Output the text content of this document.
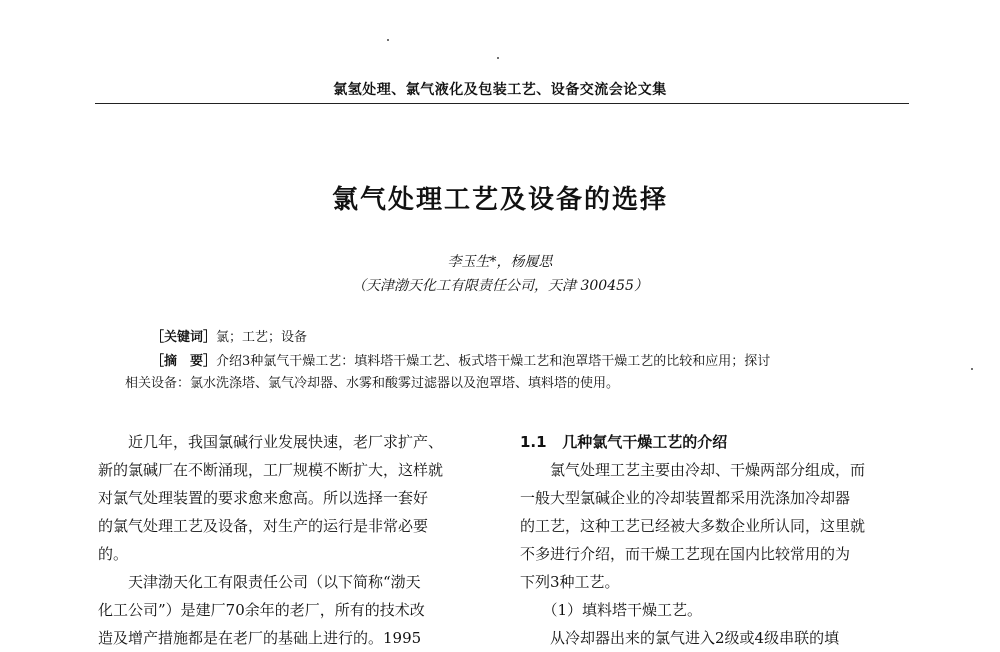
氯氢处理、氯气液化及包装工艺、设备交流会论文集
氯气处理工艺及设备的选择
李玉生*，杨履思
（天津渤天化工有限责任公司，天津 300455）
［关键词］氯；工艺；设备
［摘　要］介绍3种氯气干燥工艺：填料塔干燥工艺、板式塔干燥工艺和泡罩塔干燥工艺的比较和应用；探讨
相关设备：氯水洗涤塔、氯气冷却器、水雾和酸雾过滤器以及泡罩塔、填料塔的使用。
　　近几年，我国氯碱行业发展快速，老厂求扩产、
新的氯碱厂在不断涌现，工厂规模不断扩大，这样就
对氯气处理装置的要求愈来愈高。所以选择一套好
的氯气处理工艺及设备，对生产的运行是非常必要
的。
　　天津渤天化工有限责任公司（以下简称“渤天
化工公司”）是建厂70余年的老厂，所有的技术改
造及增产措施都是在老厂的基础上进行的。1995
1.1 几种氯气干燥工艺的介绍
　　氯气处理工艺主要由冷却、干燥两部分组成，而
一般大型氯碱企业的冷却装置都采用洗涤加冷却器
的工艺，这种工艺已经被大多数企业所认同，这里就
不多进行介绍，而干燥工艺现在国内比较常用的为
下列3种工艺。
　　（1）填料塔干燥工艺。
　　从冷却器出来的氯气进入2级或4级串联的填
